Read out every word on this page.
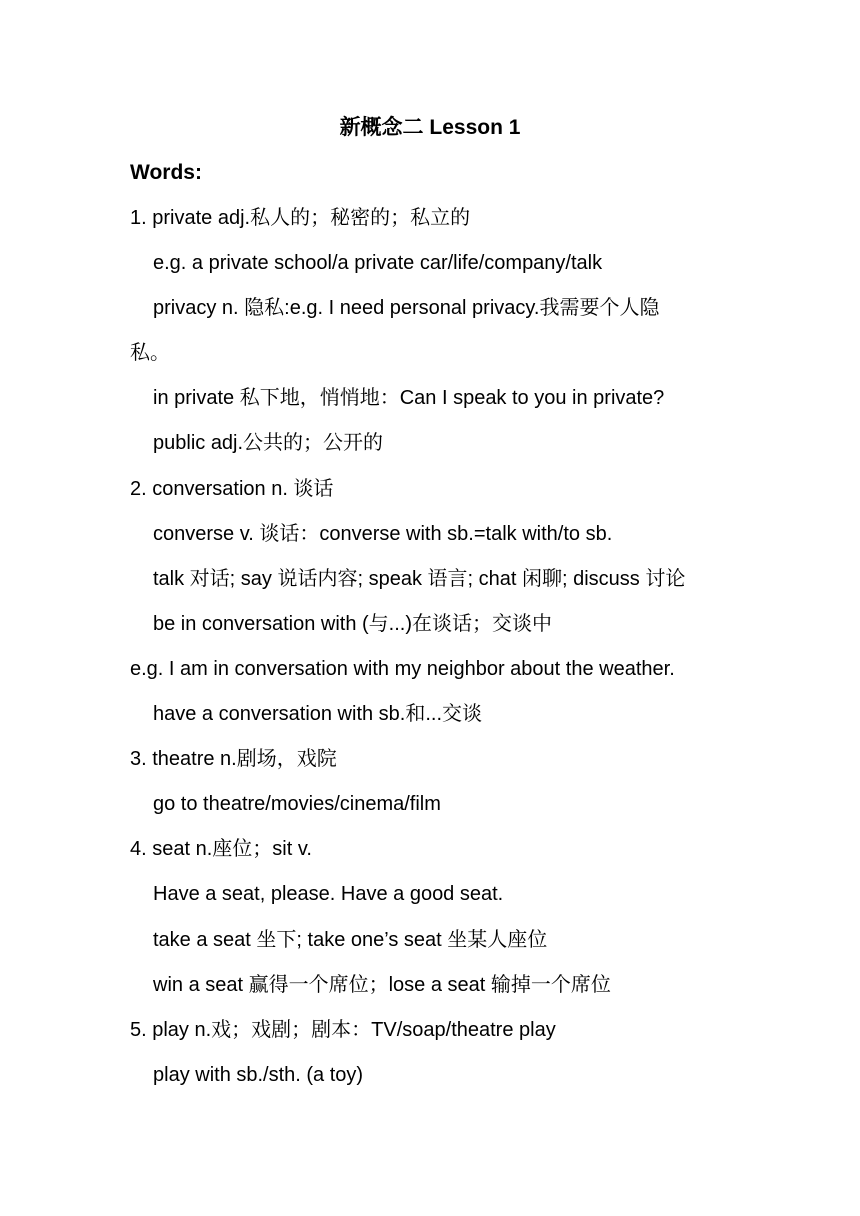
新概念二 Lesson 1
Words:
1. private adj.私人的；秘密的；私立的
e.g. a private school/a private car/life/company/talk
privacy n. 隐私:e.g. I need personal privacy.我需要个人隐
私。
in private 私下地，悄悄地：Can I speak to you in private?
public adj.公共的；公开的
2. conversation n. 谈话
converse v. 谈话：converse with sb.=talk with/to sb.
talk 对话; say 说话内容; speak 语言; chat 闲聊; discuss 讨论
be in conversation with (与...)在谈话；交谈中
e.g. I am in conversation with my neighbor about the weather.
have a conversation with sb.和...交谈
3. theatre n.剧场，戏院
go to theatre/movies/cinema/film
4. seat n.座位；sit v.
Have a seat, please. Have a good seat.
take a seat 坐下; take one’s seat 坐某人座位
win a seat 赢得一个席位；lose a seat 输掉一个席位
5. play n.戏；戏剧；剧本：TV/soap/theatre play
play with sb./sth. (a toy)
